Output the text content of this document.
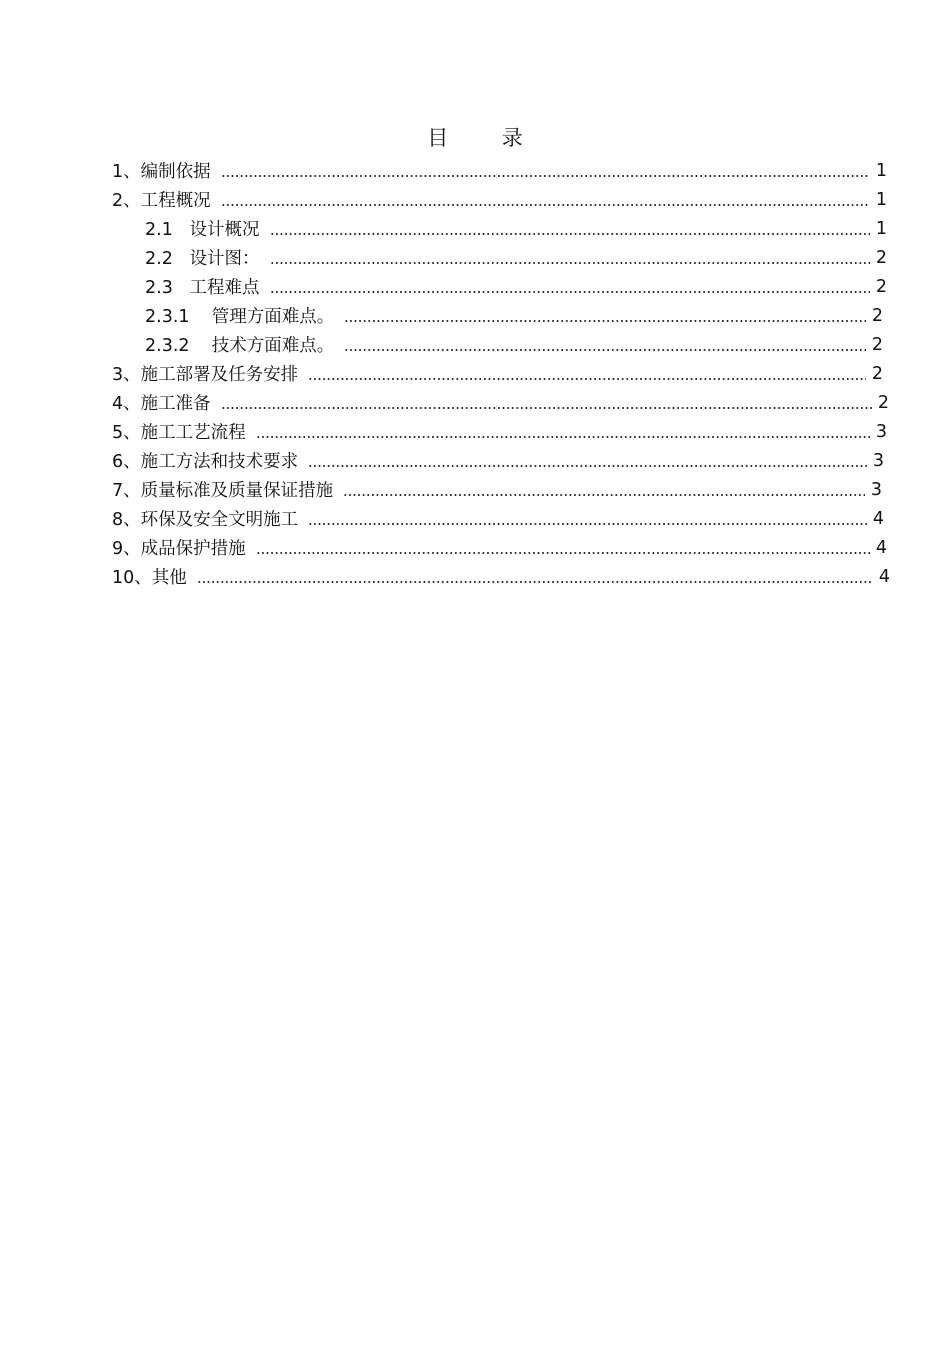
目        录
1、编制依据	1
2、工程概况	1
2.1   设计概况	1
2.2   设计图：	2
2.3   工程难点	2
2.3.1    管理方面难点。	2
2.3.2    技术方面难点。	2
3、施工部署及任务安排	2
4、施工准备	2
5、施工工艺流程	3
6、施工方法和技术要求	3
7、质量标准及质量保证措施	3
8、环保及安全文明施工	4
9、成品保护措施	4
10、其他	4
